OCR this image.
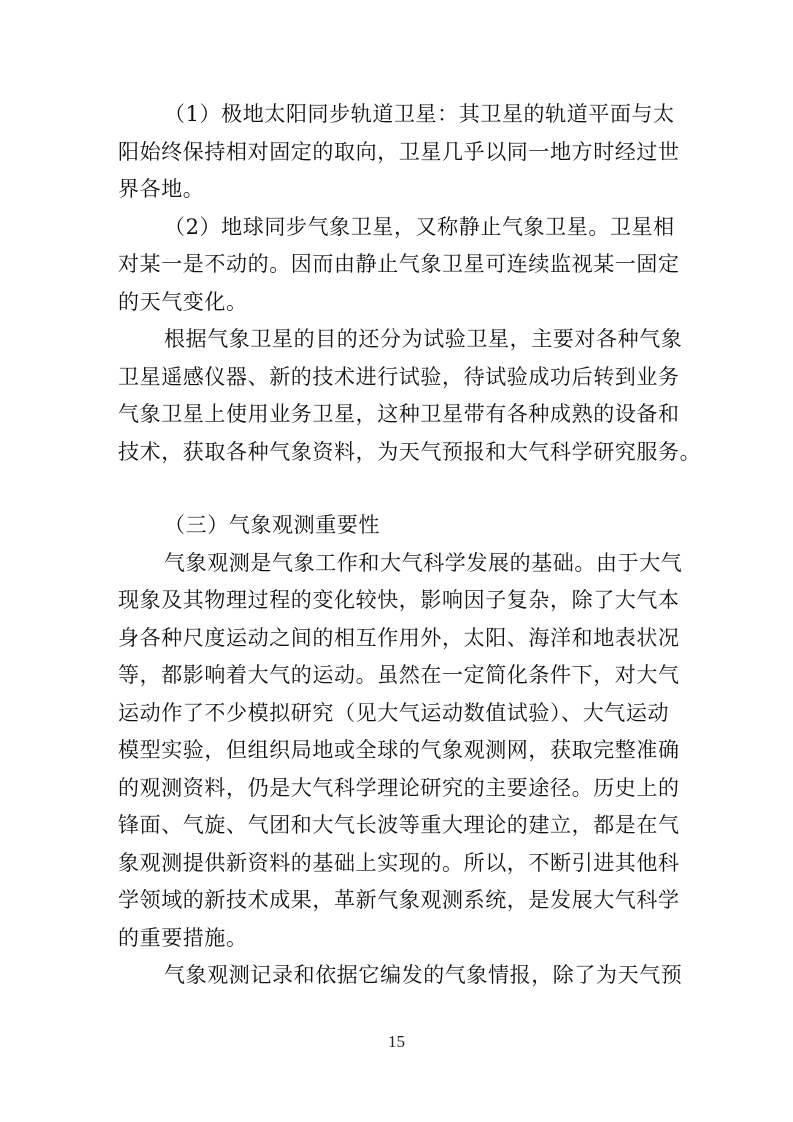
（1）极地太阳同步轨道卫星：其卫星的轨道平面与太
阳始终保持相对固定的取向，卫星几乎以同一地方时经过世
界各地。
（2）地球同步气象卫星，又称静止气象卫星。卫星相
对某一是不动的。因而由静止气象卫星可连续监视某一固定
的天气变化。
根据气象卫星的目的还分为试验卫星，主要对各种气象
卫星遥感仪器、新的技术进行试验，待试验成功后转到业务
气象卫星上使用业务卫星，这种卫星带有各种成熟的设备和
技术，获取各种气象资料，为天气预报和大气科学研究服务。
（三）气象观测重要性
气象观测是气象工作和大气科学发展的基础。由于大气
现象及其物理过程的变化较快，影响因子复杂，除了大气本
身各种尺度运动之间的相互作用外，太阳、海洋和地表状况
等，都影响着大气的运动。虽然在一定简化条件下，对大气
运动作了不少模拟研究（见大气运动数值试验）、大气运动
模型实验，但组织局地或全球的气象观测网，获取完整准确
的观测资料，仍是大气科学理论研究的主要途径。历史上的
锋面、气旋、气团和大气长波等重大理论的建立，都是在气
象观测提供新资料的基础上实现的。所以，不断引进其他科
学领域的新技术成果，革新气象观测系统，是发展大气科学
的重要措施。
气象观测记录和依据它编发的气象情报，除了为天气预
15
